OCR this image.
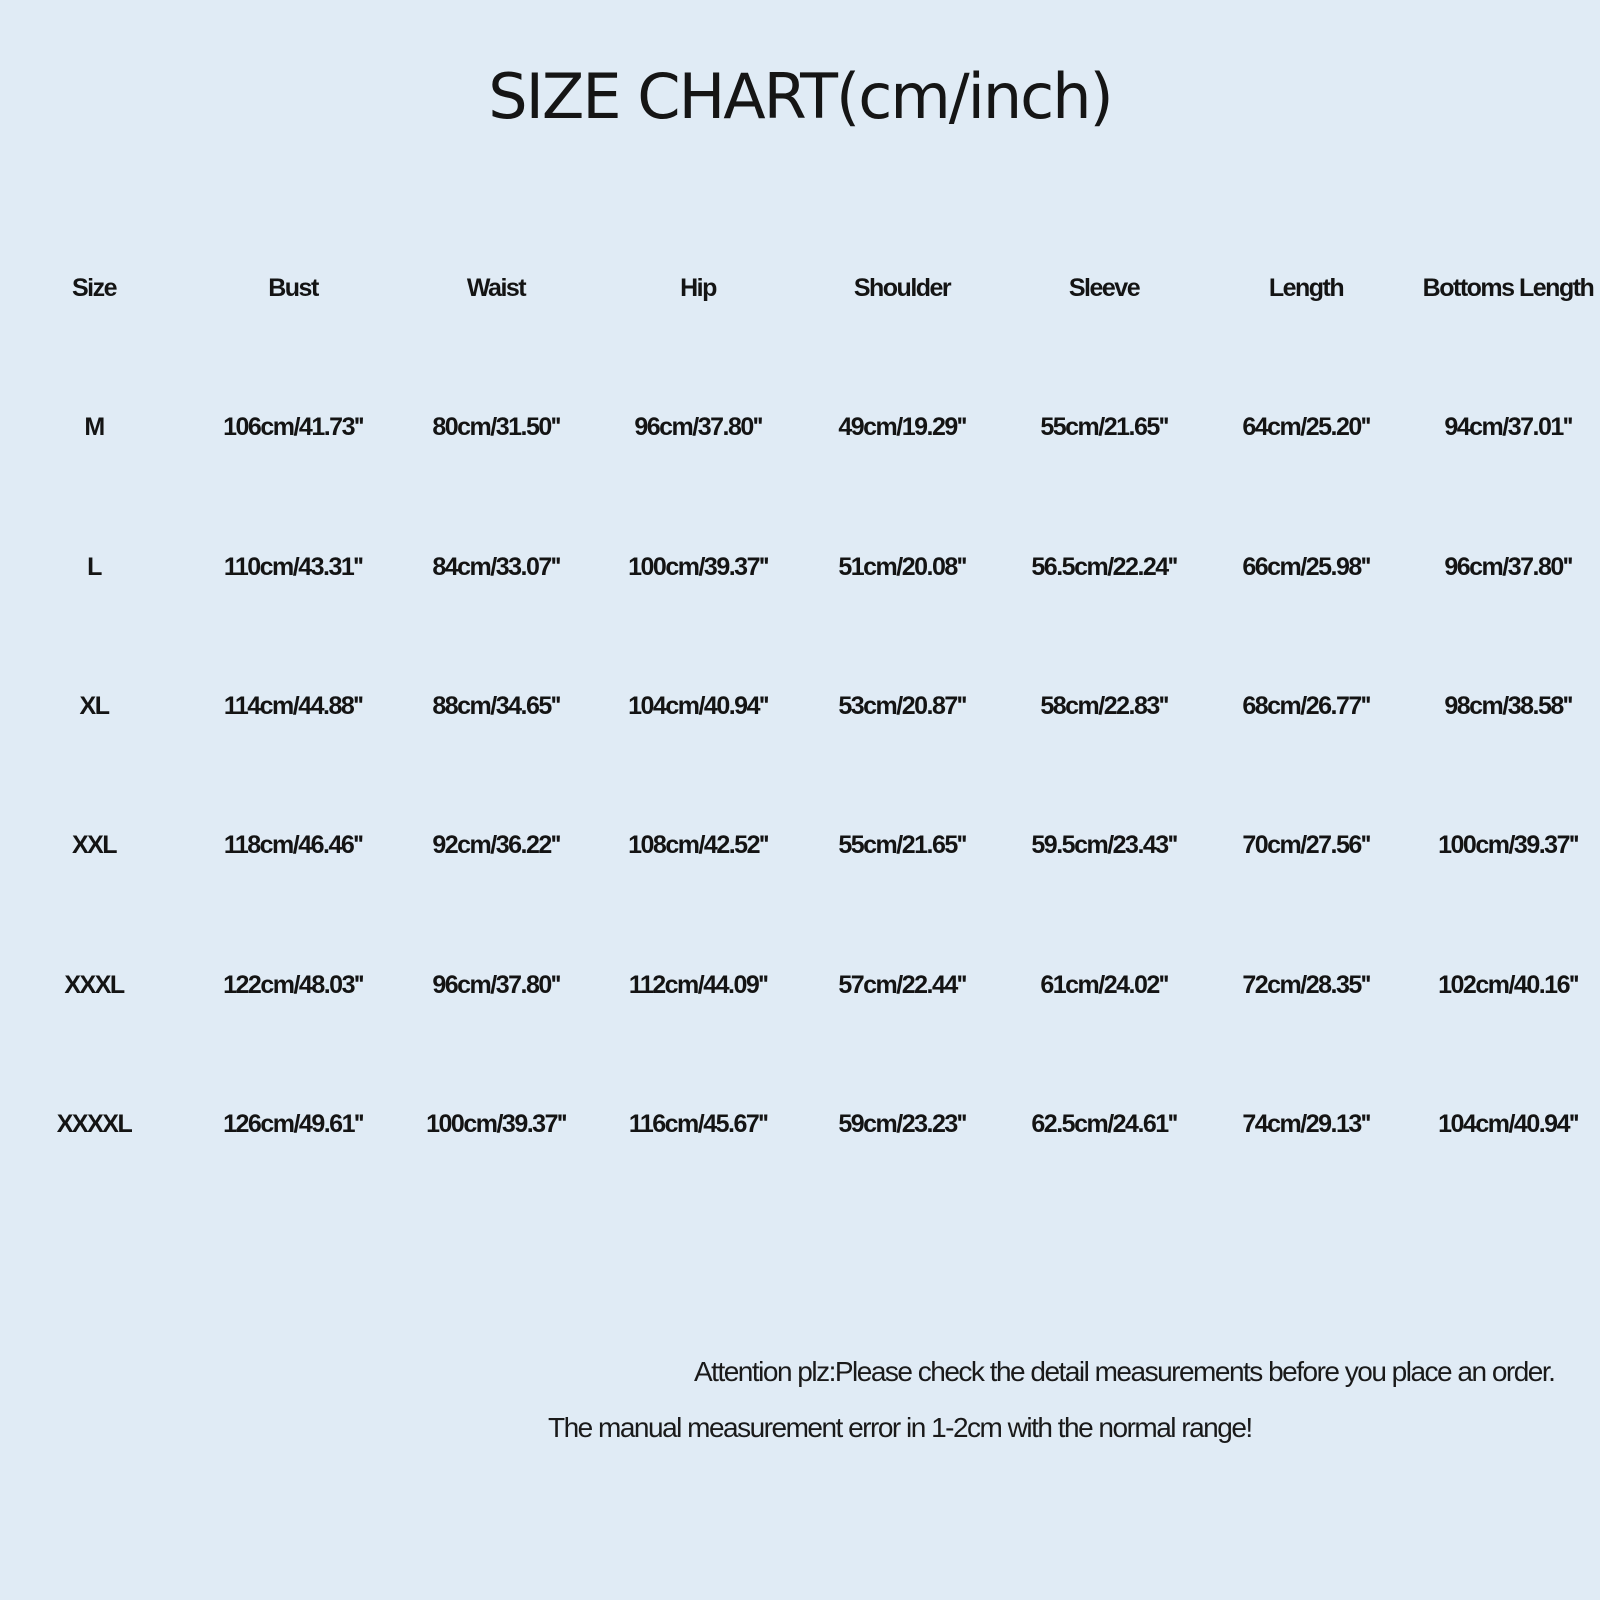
SIZE CHART(cm/inch)
Size	Bust	Waist	Hip	Shoulder	Sleeve	Length	Bottoms Length
M	106cm/41.73''	80cm/31.50''	96cm/37.80''	49cm/19.29''	55cm/21.65''	64cm/25.20''	94cm/37.01''
L	110cm/43.31''	84cm/33.07''	100cm/39.37''	51cm/20.08''	56.5cm/22.24''	66cm/25.98''	96cm/37.80''
XL	114cm/44.88''	88cm/34.65''	104cm/40.94''	53cm/20.87''	58cm/22.83''	68cm/26.77''	98cm/38.58''
XXL	118cm/46.46''	92cm/36.22''	108cm/42.52''	55cm/21.65''	59.5cm/23.43''	70cm/27.56''	100cm/39.37''
XXXL	122cm/48.03''	96cm/37.80''	112cm/44.09''	57cm/22.44''	61cm/24.02''	72cm/28.35''	102cm/40.16''
XXXXL	126cm/49.61''	100cm/39.37''	116cm/45.67''	59cm/23.23''	62.5cm/24.61''	74cm/29.13''	104cm/40.94''
Attention plz:Please check the detail measurements before you place an order.
The manual measurement error in 1-2cm with the normal range!
